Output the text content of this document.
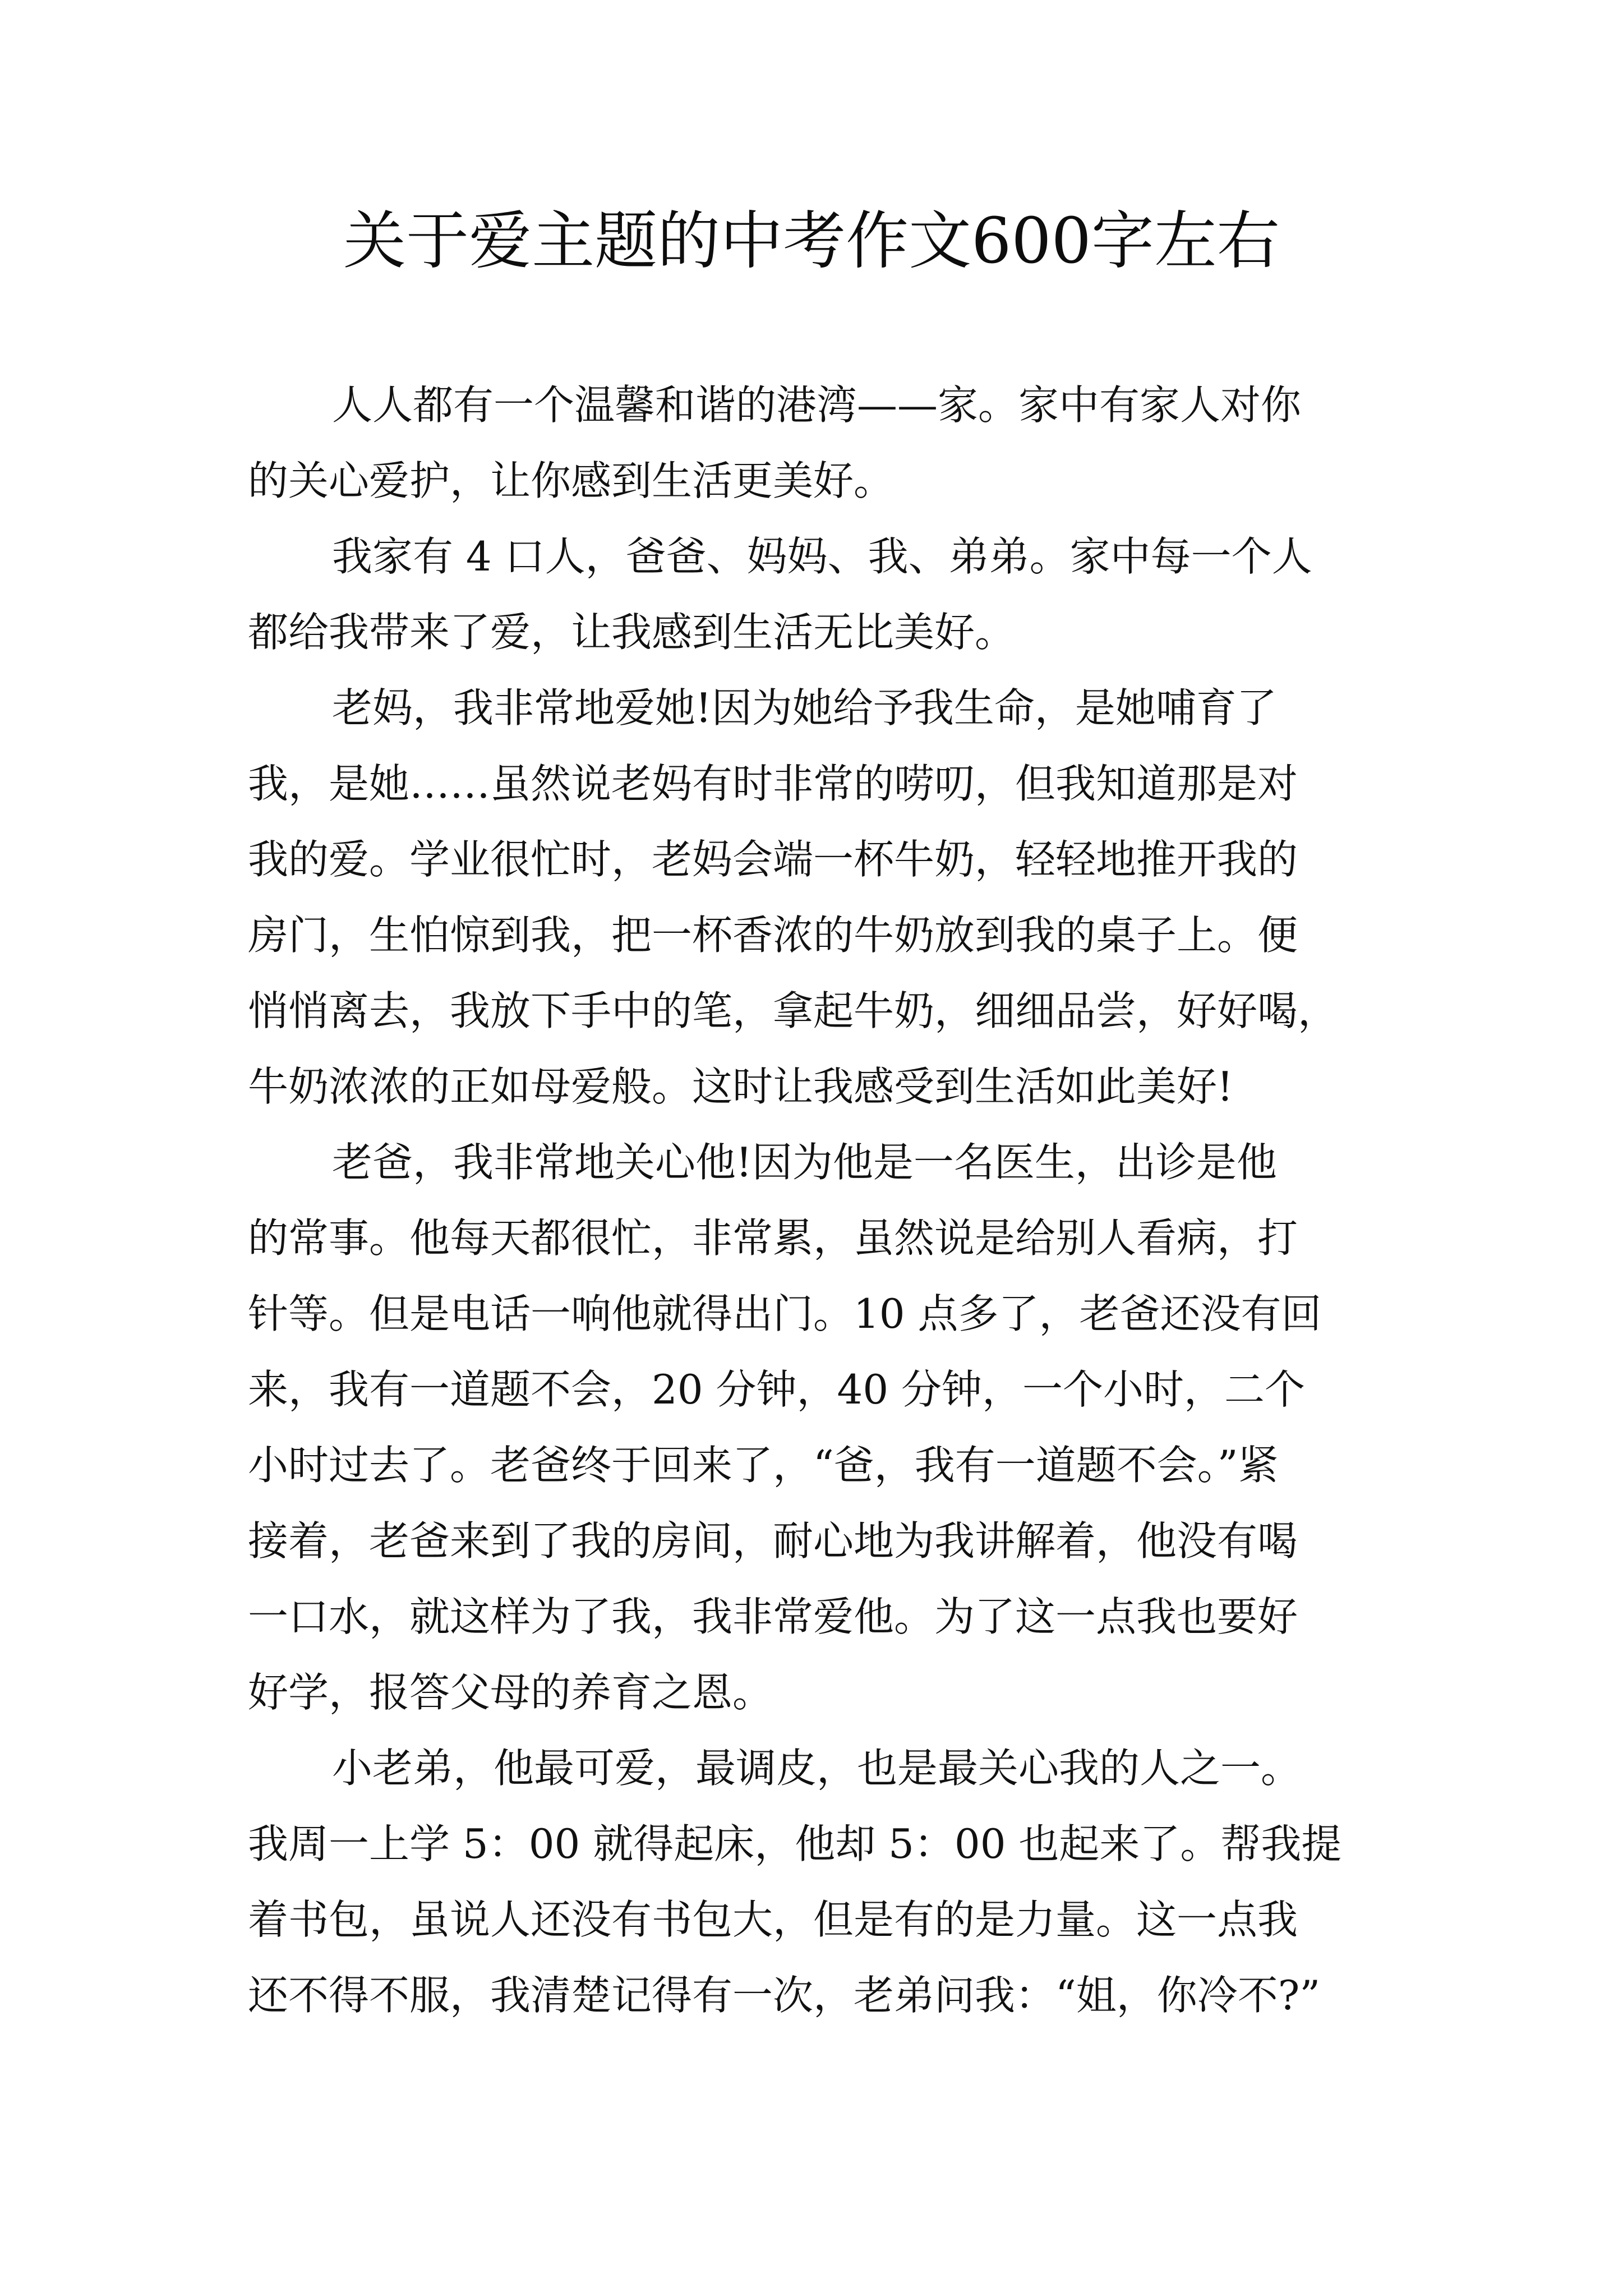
关于爱主题的中考作文600字左右
人人都有一个温馨和谐的港湾——家。家中有家人对你
的关心爱护，让你感到生活更美好。
我家有 4 口人，爸爸、妈妈、我、弟弟。家中每一个人
都给我带来了爱，让我感到生活无比美好。
老妈，我非常地爱她!因为她给予我生命，是她哺育了
我，是她……虽然说老妈有时非常的唠叨，但我知道那是对
我的爱。学业很忙时，老妈会端一杯牛奶，轻轻地推开我的
房门，生怕惊到我，把一杯香浓的牛奶放到我的桌子上。便
悄悄离去，我放下手中的笔，拿起牛奶，细细品尝，好好喝，
牛奶浓浓的正如母爱般。这时让我感受到生活如此美好!
老爸，我非常地关心他!因为他是一名医生，出诊是他
的常事。他每天都很忙，非常累，虽然说是给别人看病，打
针等。但是电话一响他就得出门。10 点多了，老爸还没有回
来，我有一道题不会，20 分钟，40 分钟，一个小时，二个
小时过去了。老爸终于回来了，“爸，我有一道题不会。”紧
接着，老爸来到了我的房间，耐心地为我讲解着，他没有喝
一口水，就这样为了我，我非常爱他。为了这一点我也要好
好学，报答父母的养育之恩。
小老弟，他最可爱，最调皮，也是最关心我的人之一。
我周一上学 5：00 就得起床，他却 5：00 也起来了。帮我提
着书包，虽说人还没有书包大，但是有的是力量。这一点我
还不得不服，我清楚记得有一次，老弟问我：“姐，你冷不?”
